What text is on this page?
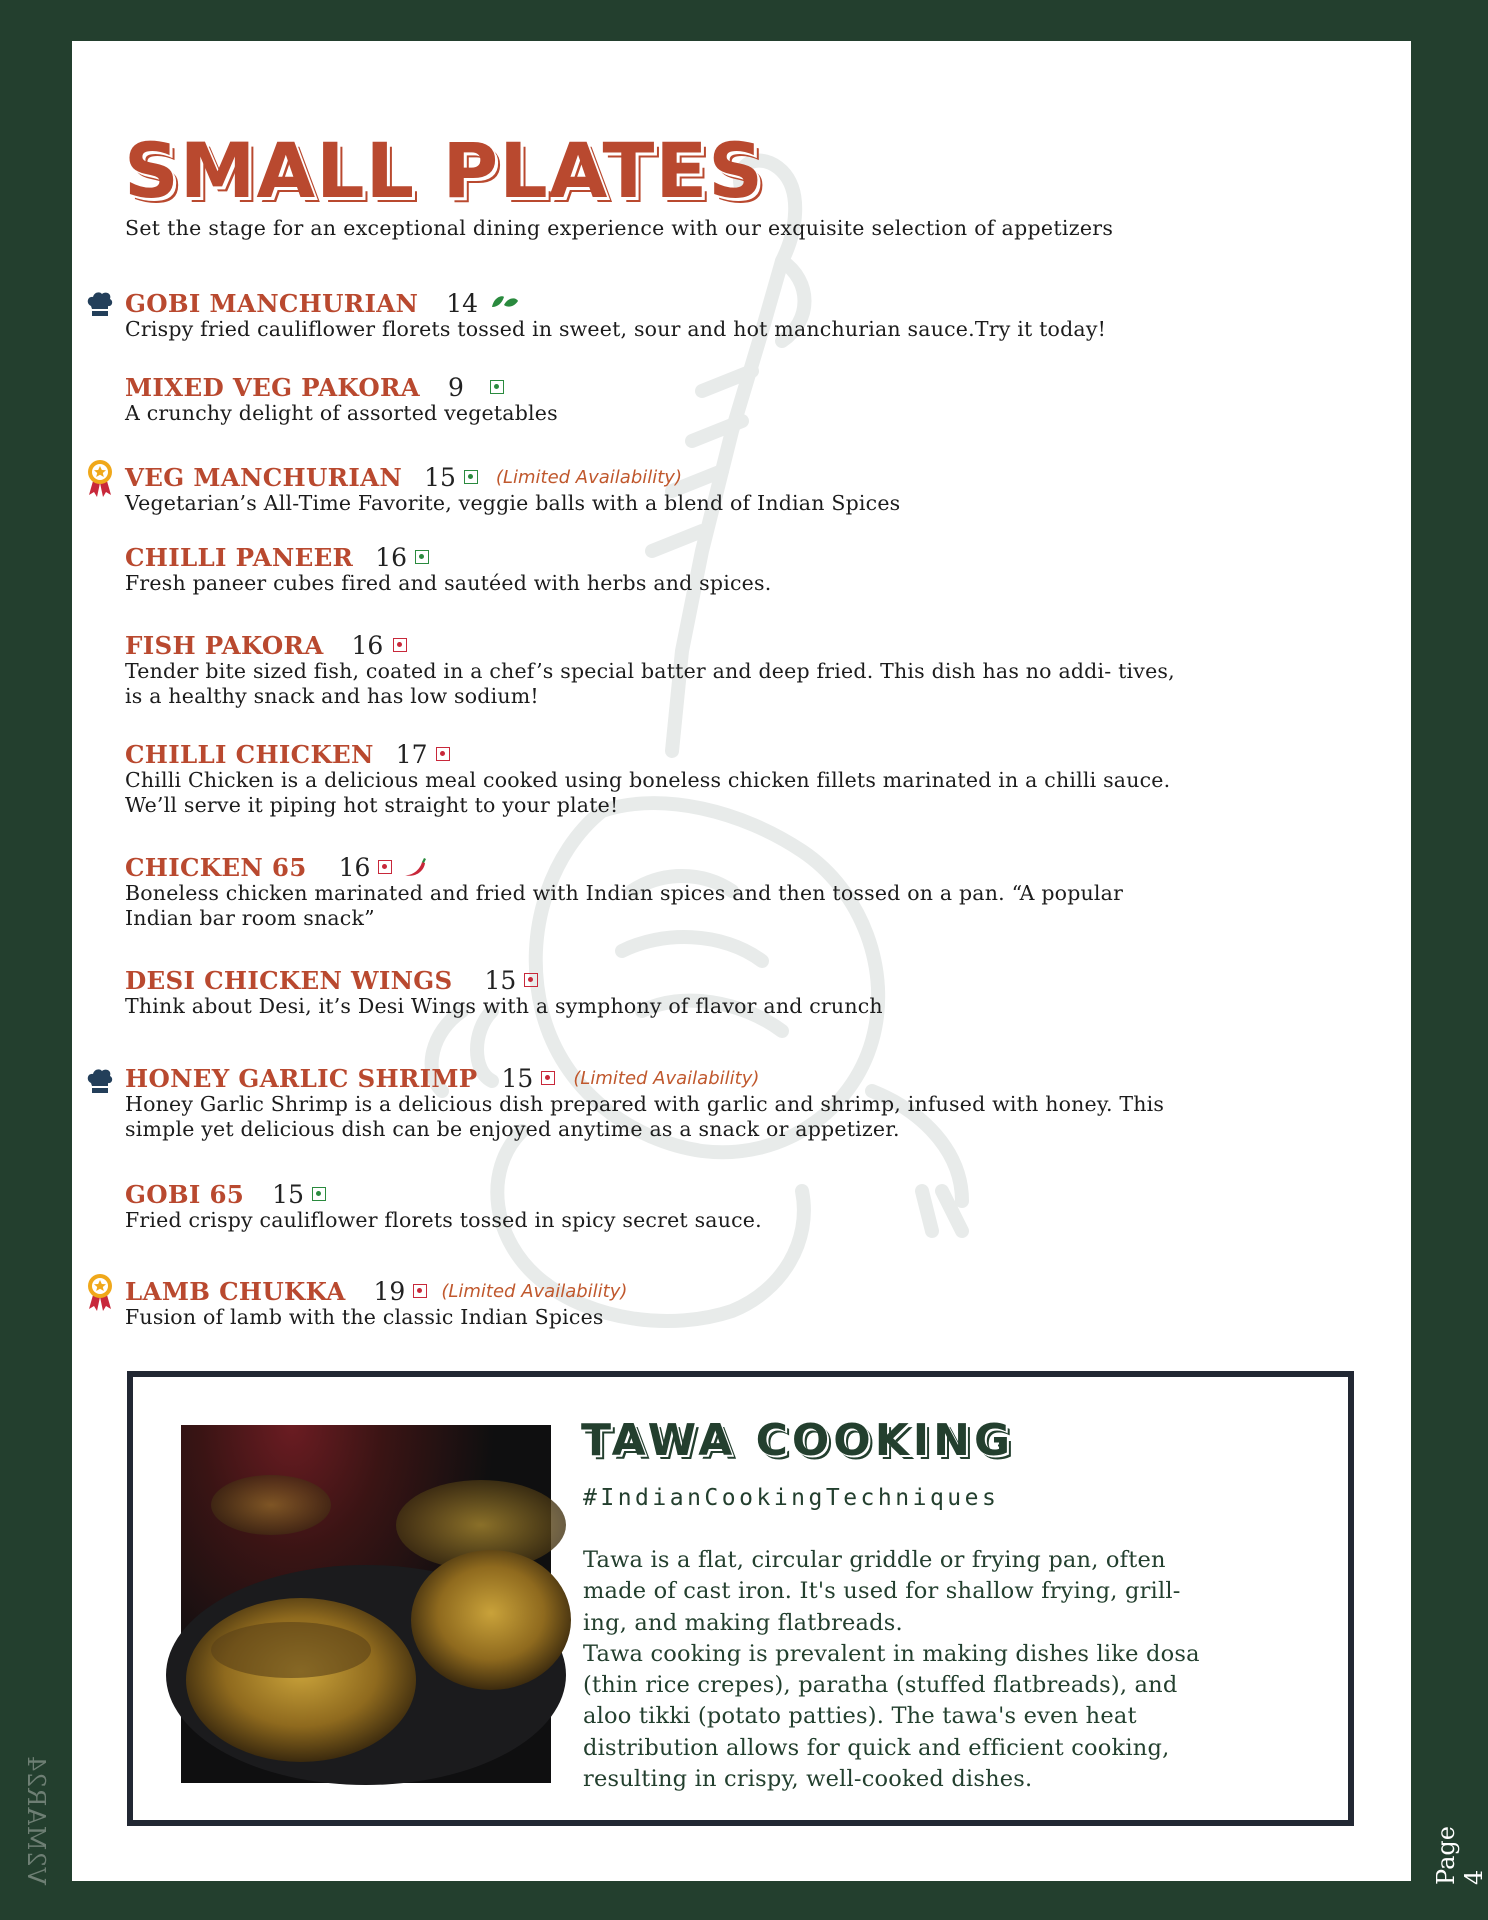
SMALL PLATES
Set the stage for an exceptional dining experience with our exquisite selection of appetizers
GOBI MANCHURIAN 14
Crispy fried cauliflower florets tossed in sweet, sour and hot manchurian sauce.Try it today!
MIXED VEG PAKORA 9
A crunchy delight of assorted vegetables
VEG MANCHURIAN 15 (Limited Availability)
Vegetarian’s All-Time Favorite, veggie balls with a blend of Indian Spices
CHILLI PANEER 16
Fresh paneer cubes fired and sautéed with herbs and spices.
FISH PAKORA 16
Tender bite sized fish, coated in a chef’s special batter and deep fried. This dish has no addi- tives,
is a healthy snack and has low sodium!
CHILLI CHICKEN 17
Chilli Chicken is a delicious meal cooked using boneless chicken fillets marinated in a chilli sauce.
We’ll serve it piping hot straight to your plate!
CHICKEN 65 16
Boneless chicken marinated and fried with Indian spices and then tossed on a pan. “A popular
Indian bar room snack”
DESI CHICKEN WINGS 15
Think about Desi, it’s Desi Wings with a symphony of flavor and crunch
HONEY GARLIC SHRIMP 15 (Limited Availability)
Honey Garlic Shrimp is a delicious dish prepared with garlic and shrimp, infused with honey. This
simple yet delicious dish can be enjoyed anytime as a snack or appetizer.
GOBI 65 15
Fried crispy cauliflower florets tossed in spicy secret sauce.
LAMB CHUKKA 19 (Limited Availability)
Fusion of lamb with the classic Indian Spices
TAWA COOKING
#IndianCookingTechniques

Tawa is a flat, circular griddle or frying pan, often

made of cast iron. It's used for shallow frying, grill-

ing, and making flatbreads.

Tawa cooking is prevalent in making dishes like dosa

(thin rice crepes), paratha (stuffed flatbreads), and

aloo tikki (potato patties). The tawa's even heat

distribution allows for quick and efficient cooking,

resulting in crispy, well-cooked dishes.

V2MAR24	Page 4
